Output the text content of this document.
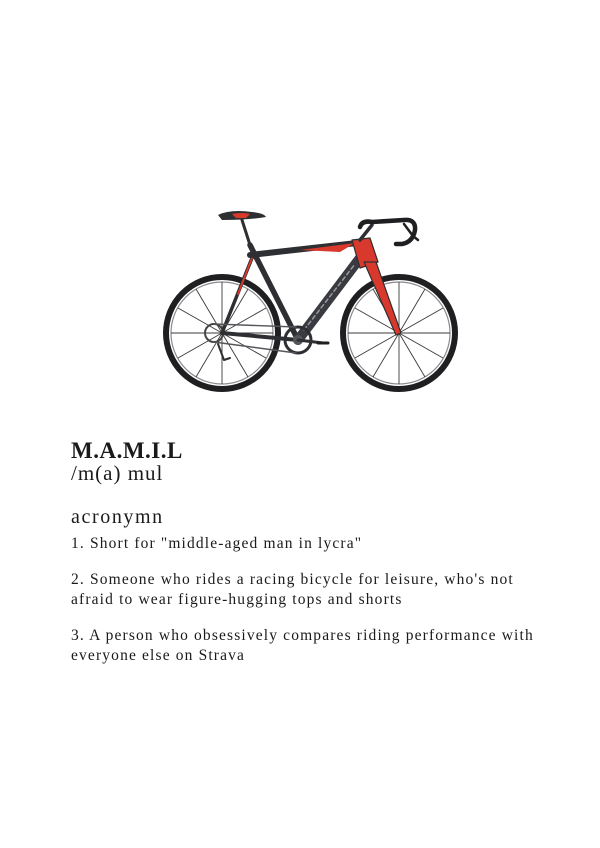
M.A.M.I.L
/m(a) mul
acronymn
1. Short for "middle-aged man in lycra"
2. Someone who rides a racing bicycle for leisure, who's not afraid to wear figure-hugging tops and shorts
3. A person who obsessively compares riding performance with everyone else on Strava
